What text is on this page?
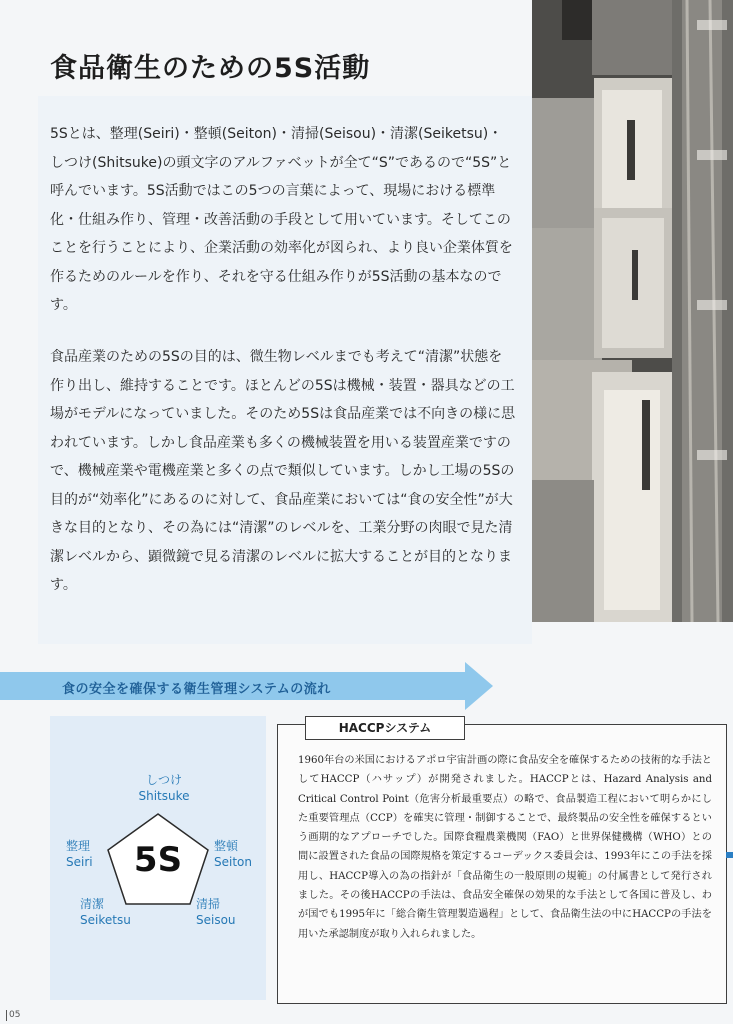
食品衛生のための5S活動

5Sとは、整理(Seiri)・整頓(Seiton)・清掃(Seisou)・清潔(Seiketsu)・しつけ(Shitsuke)の頭文字のアルファベットが全て“S”であるので“5S”と呼んでいます。5S活動ではこの5つの言葉によって、現場における標準化・仕組み作り、管理・改善活動の手段として用いています。そしてこのことを行うことにより、企業活動の効率化が図られ、より良い企業体質を作るためのルールを作り、それを守る仕組み作りが5S活動の基本なのです。

食品産業のための5Sの目的は、微生物レベルまでも考えて“清潔”状態を作り出し、維持することです。ほとんどの5Sは機械・装置・器具などの工場がモデルになっていました。そのため5Sは食品産業では不向きの様に思われています。しかし食品産業も多くの機械装置を用いる装置産業ですので、機械産業や電機産業と多くの点で類似しています。しかし工場の5Sの目的が“効率化”にあるのに対して、食品産業においては“食の安全性”が大きな目的となり、その為には“清潔”のレベルを、工業分野の肉眼で見た清潔レベルから、顕微鏡で見る清潔のレベルに拡大することが目的となります。

食の安全を確保する衛生管理システムの流れ

5S
しつけ
Shitsuke
整理
Seiri
整頓
Seiton
清潔
Seiketsu
清掃
Seisou
HACCPシステム

1960年台の米国におけるアポロ宇宙計画の際に食品安全を確保するための技術的な手法としてHACCP（ハサップ）が開発されました。HACCPとは、Hazard Analysis and Critical Control Point（危害分析最重要点）の略で、食品製造工程において明らかにした重要管理点（CCP）を確実に管理・制御することで、最終製品の安全性を確保するという画期的なアプローチでした。国際食糧農業機関（FAO）と世界保健機構（WHO）との間に設置された食品の国際規格を策定するコーデックス委員会は、1993年にこの手法を採用し、HACCP導入の為の指針が「食品衛生の一般原則の規範」の付属書として発行されました。その後HACCPの手法は、食品安全確保の効果的な手法として各国に普及し、わが国でも1995年に「総合衛生管理製造過程」として、食品衛生法の中にHACCPの手法を用いた承認制度が取り入れられました。

05
